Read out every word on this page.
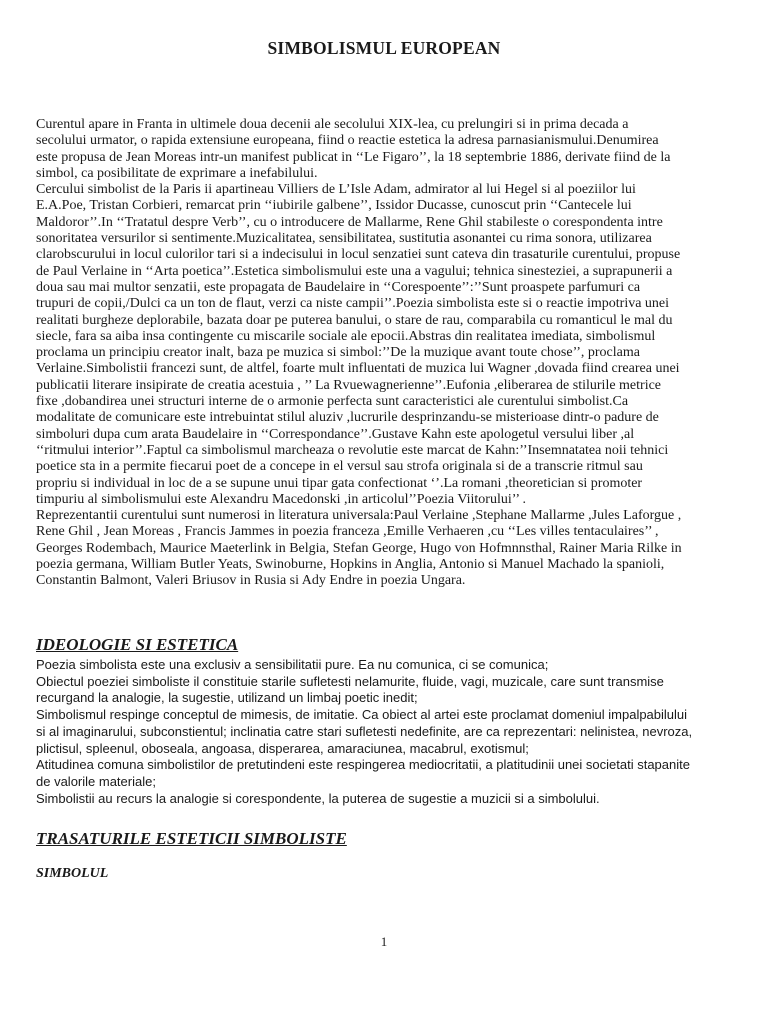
SIMBOLISMUL EUROPEAN

Curentul apare in Franta in ultimele doua decenii ale secolului XIX-lea, cu prelungiri si in prima decada a
secolului urmator, o rapida extensiune europeana, fiind o reactie estetica la adresa parnasianismului.Denumirea
este propusa de Jean Moreas intr-un manifest publicat in ‘‘Le Figaro’’, la 18 septembrie 1886, derivate fiind de la
simbol, ca posibilitate de exprimare a inefabilului.

Cercului simbolist de la Paris ii apartineau Villiers de L’Isle Adam, admirator al lui Hegel si al poeziilor lui
E.A.Poe, Tristan Corbieri, remarcat prin ‘‘iubirile galbene’’, Issidor Ducasse, cunoscut prin ‘‘Cantecele lui
Maldoror’’.In ‘‘Tratatul despre Verb’’, cu o introducere de Mallarme, Rene Ghil stabileste o corespondenta intre
sonoritatea versurilor si sentimente.Muzicalitatea, sensibilitatea, sustitutia asonantei cu rima sonora, utilizarea
clarobscurului in locul culorilor tari si a indecisului in locul senzatiei sunt cateva din trasaturile curentului, propuse
de Paul Verlaine in ‘‘Arta poetica’’.Estetica simbolismului este una a vagului; tehnica sinesteziei, a suprapunerii a
doua sau mai multor senzatii, este propagata de Baudelaire in ‘‘Corespoente’’:’’Sunt proaspete parfumuri ca
trupuri de copii,/Dulci ca un ton de flaut, verzi ca niste campii’’.Poezia simbolista este si o reactie impotriva unei
realitati burgheze deplorabile, bazata doar pe puterea banului, o stare de rau, comparabila cu romanticul le mal du
siecle, fara sa aiba insa contingente cu miscarile sociale ale epocii.Abstras din realitatea imediata, simbolismul
proclama un principiu creator inalt, baza pe muzica si simbol:’’De la muzique avant toute chose’’, proclama
Verlaine.Simbolistii francezi sunt, de altfel, foarte mult influentati de muzica lui Wagner ,dovada fiind crearea unei
publicatii literare insipirate de creatia acestuia , ’’ La Rvuewagnerienne’’.Eufonia ,eliberarea de stilurile metrice
fixe ,dobandirea unei structuri interne de o armonie perfecta sunt caracteristici ale curentului simbolist.Ca
modalitate de comunicare este intrebuintat stilul aluziv ,lucrurile desprinzandu-se misterioase dintr-o padure de
simboluri dupa cum arata Baudelaire in ‘‘Correspondance’’.Gustave Kahn este apologetul versului liber ,al
‘‘ritmului interior’’.Faptul ca simbolismul marcheaza o revolutie este marcat de Kahn:’’Insemnatatea noii tehnici
poetice sta in a permite fiecarui poet de a concepe in el versul sau strofa originala si de a transcrie ritmul sau
propriu si individual in loc de a se supune unui tipar gata confectionat ‘’.La romani ,theoretician si promoter
timpuriu al simbolismului este Alexandru Macedonski ,in articolul’’Poezia Viitorului’’ .

Reprezentantii curentului sunt numerosi in literatura universala:Paul Verlaine ,Stephane Mallarme ,Jules Laforgue ,
Rene Ghil , Jean Moreas , Francis Jammes in poezia franceza ,Emille Verhaeren ,cu ‘‘Les villes tentaculaires’’ ,
Georges Rodembach, Maurice Maeterlink in Belgia, Stefan George, Hugo von Hofmnnsthal, Rainer Maria Rilke in
poezia germana, William Butler Yeats, Swinoburne, Hopkins in Anglia, Antonio si Manuel Machado la spanioli,
Constantin Balmont, Valeri Briusov in Rusia si Ady Endre in poezia Ungara.

IDEOLOGIE SI ESTETICA

Poezia simbolista este una exclusiv a sensibilitatii pure. Ea nu comunica, ci se comunica;

Obiectul poeziei simboliste il constituie starile sufletesti nelamurite, fluide, vagi, muzicale, care sunt transmise
recurgand la analogie, la sugestie, utilizand un limbaj poetic inedit;

Simbolismul respinge conceptul de mimesis, de imitatie. Ca obiect al artei este proclamat domeniul impalpabilului
si al imaginarului, subconstientul; inclinatia catre stari sufletesti nedefinite, are ca reprezentari: nelinistea, nevroza,
plictisul, spleenul, oboseala, angoasa, disperarea, amaraciunea, macabrul, exotismul;

Atitudinea comuna simbolistilor de pretutindeni este respingerea mediocritatii, a platitudinii unei societati stapanite
de valorile materiale;

Simbolistii au recurs la analogie si corespondente, la puterea de sugestie a muzicii si a simbolului.

TRASATURILE ESTETICII SIMBOLISTE
SIMBOLUL
1
